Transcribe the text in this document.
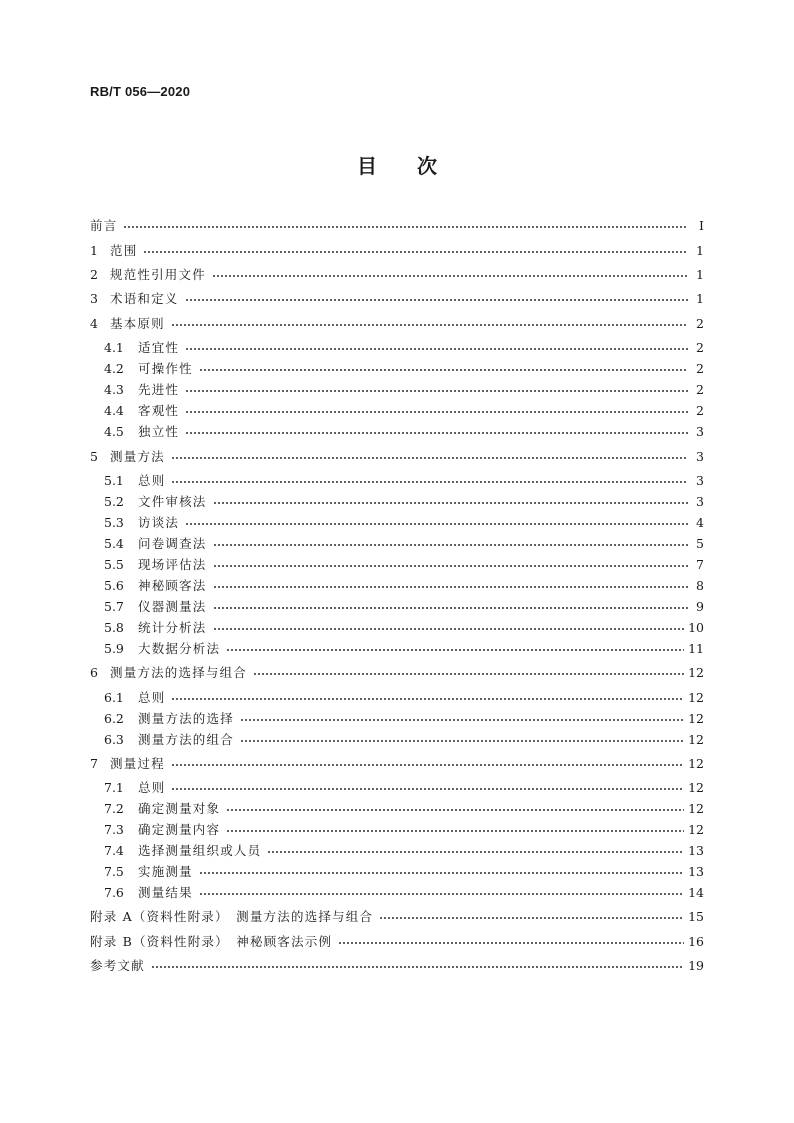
RB/T 056—2020
目　　次
前言	Ⅰ
1 范围	1
2 规范性引用文件	1
3 术语和定义	1
4 基本原则	2
4.1	适宜性	2
4.2	可操作性	2
4.3	先进性	2
4.4	客观性	2
4.5	独立性	3
5 测量方法	3
5.1	总则	3
5.2	文件审核法	3
5.3	访谈法	4
5.4	问卷调查法	5
5.5	现场评估法	7
5.6	神秘顾客法	8
5.7	仪器测量法	9
5.8	统计分析法	10
5.9	大数据分析法	11
6 测量方法的选择与组合	12
6.1	总则	12
6.2	测量方法的选择	12
6.3	测量方法的组合	12
7 测量过程	12
7.1	总则	12
7.2	确定测量对象	12
7.3	确定测量内容	12
7.4	选择测量组织或人员	13
7.5	实施测量	13
7.6	测量结果	14
附录 A（资料性附录）　测量方法的选择与组合	15
附录 B（资料性附录）　神秘顾客法示例	16
参考文献	19
